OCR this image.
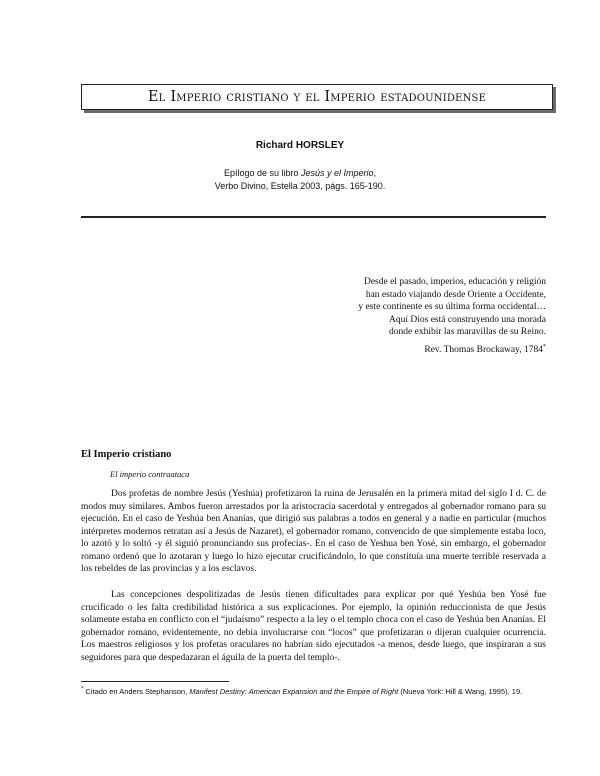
El Imperio cristiano y el Imperio estadounidense
Richard HORSLEY
Epílogo de su libro Jesús y el Imperio,
Verbo Divino, Estella 2003, págs. 165-190.
Desde el pasado, imperios, educación y religión
han estado viajando desde Oriente a Occidente,
y este continente es su última forma occidental…
Aquí Dios está construyendo una morada
donde exhibir las maravillas de su Reino.
Rev. Thomas Brockaway, 1784*
El Imperio cristiano
El imperio contraataca

Dos profetas de nombre Jesús (Yeshúa) profetizaron la ruina de Jerusalén en la primera mitad del siglo I d. C. de modos muy similares. Ambos fueron arrestados por la aristocracia sacerdotal y entregados al gobernador romano para su ejecución. En el caso de Yeshúa ben Ananías, que dirigió sus palabras a todos en general y a nadie en particular (muchos intérpretes modernos retratan así a Jesús de Nazaret), el gobernador romano, convencido de que simplemente estaba loco, lo azotó y lo soltó -y él siguió pronunciando sus profecías-. En el caso de Yeshua ben Yosé, sin embargo, el gobernador romano ordenó que lo azotaran y luego lo hizo ejecutar crucificándolo, lo que constituía una muerte terrible reservada a los rebeldes de las provincias y a los esclavos.

Las concepciones despolitizadas de Jesús tienen dificultades para explicar por qué Yeshúa ben Yosé fue crucificado o les falta credibilidad histórica a sus explicaciones. Por ejemplo, la opinión reduccionista de que Jesús solamente estaba en conflicto con el “judaísmo” respecto a la ley o el templo choca con el caso de Yeshúa ben Ananías. El gobernador romano, evidentemente, no debía involucrarse con “locos” que profetizaran o dijeran cualquier ocurrencia. Los maestros religiosos y los profetas oraculares no habrían sido ejecutados -a menos, desde luego, que inspiraran a sus seguidores para que despedazaran el águila de la puerta del templo-.

* Citado en Anders Stephanson, Manifest Destiny: American Expansion and the Empire of Right (Nueva York: Hill & Wang, 1995), 19.
